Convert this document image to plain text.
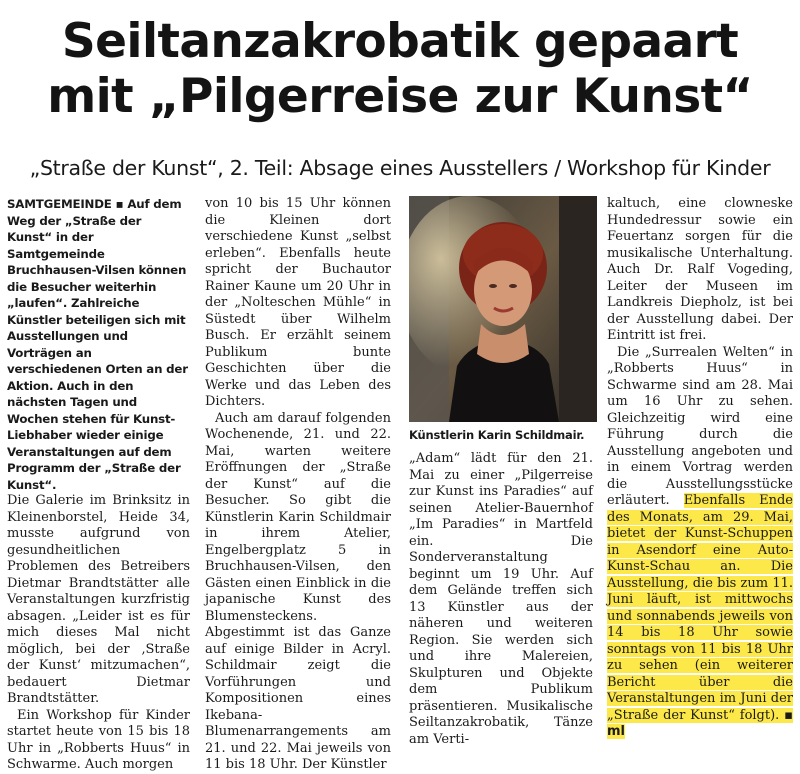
Seiltanzakrobatik gepaart
mit „Pilgerreise zur Kunst“
„Straße der Kunst“, 2. Teil: Absage eines Ausstellers / Workshop für Kinder

SAMTGEMEINDE ▪ Auf dem Weg der „Straße der Kunst“ in der Samtgemeinde Bruchhausen-Vilsen können die Besucher weiterhin „laufen“. Zahlreiche Künstler beteiligen sich mit Ausstellungen und Vorträgen an verschiedenen Orten an der Aktion. Auch in den nächsten Tagen und Wochen stehen für Kunst-Liebhaber wieder einige Veranstaltungen auf dem Programm der „Straße der Kunst“.

Die Galerie im Brinksitz in Kleinenborstel, Heide 34, musste aufgrund von gesundheitlichen Problemen des Betreibers Dietmar Brandtstätter alle Veranstaltungen kurzfristig absagen. „Leider ist es für mich dieses Mal nicht möglich, bei der ‚Straße der Kunst‘ mitzumachen“, bedauert Dietmar Brandtstätter.

Ein Workshop für Kinder startet heute von 15 bis 18 Uhr in „Robberts Huus“ in Schwarme. Auch morgen

von 10 bis 15 Uhr können die Kleinen dort verschiedene Kunst „selbst erleben“. Ebenfalls heute spricht der Buchautor Rainer Kaune um 20 Uhr in der „Nolteschen Mühle“ in Süstedt über Wilhelm Busch. Er erzählt seinem Publikum bunte Geschichten über die Werke und das Leben des Dichters.

Auch am darauf folgenden Wochenende, 21. und 22. Mai, warten weitere Eröffnungen der „Straße der Kunst“ auf die Besucher. So gibt die Künstlerin Karin Schildmair in ihrem Atelier, Engelbergplatz 5 in Bruchhausen-Vilsen, den Gästen einen Einblick in die japanische Kunst des Blumensteckens. Abgestimmt ist das Ganze auf einige Bilder in Acryl. Schildmair zeigt die Vorführungen und Kompositionen eines Ikebana-Blumenarrangements am 21. und 22. Mai jeweils von 11 bis 18 Uhr. Der Künstler

Künstlerin Karin Schildmair.

„Adam“ lädt für den 21. Mai zu einer „Pilgerreise zur Kunst ins Paradies“ auf seinen Atelier-Bauernhof „Im Paradies“ in Martfeld ein. Die Sonderveranstaltung beginnt um 19 Uhr. Auf dem Gelände treffen sich 13 Künstler aus der näheren und weiteren Region. Sie werden sich und ihre Malereien, Skulpturen und Objekte dem Publikum präsentieren. Musikalische Seiltanzakrobatik, Tänze am Verti-

kaltuch, eine clowneske Hundedressur sowie ein Feuertanz sorgen für die musikalische Unterhaltung. Auch Dr. Ralf Vogeding, Leiter der Museen im Landkreis Diepholz, ist bei der Ausstellung dabei. Der Eintritt ist frei.

Die „Surrealen Welten“ in „Robberts Huus“ in Schwarme sind am 28. Mai um 16 Uhr zu sehen. Gleichzeitig wird eine Führung durch die Ausstellung angeboten und in einem Vortrag werden die Ausstellungsstücke erläutert. Ebenfalls Ende des Monats, am 29. Mai, bietet der Kunst-Schuppen in Asendorf eine Auto-Kunst-Schau an. Die Ausstellung, die bis zum 11. Juni läuft, ist mittwochs und sonnabends jeweils von 14 bis 18 Uhr sowie sonntags von 11 bis 18 Uhr zu sehen (ein weiterer Bericht über die Veranstaltungen im Juni der „Straße der Kunst“ folgt). ▪ ml
